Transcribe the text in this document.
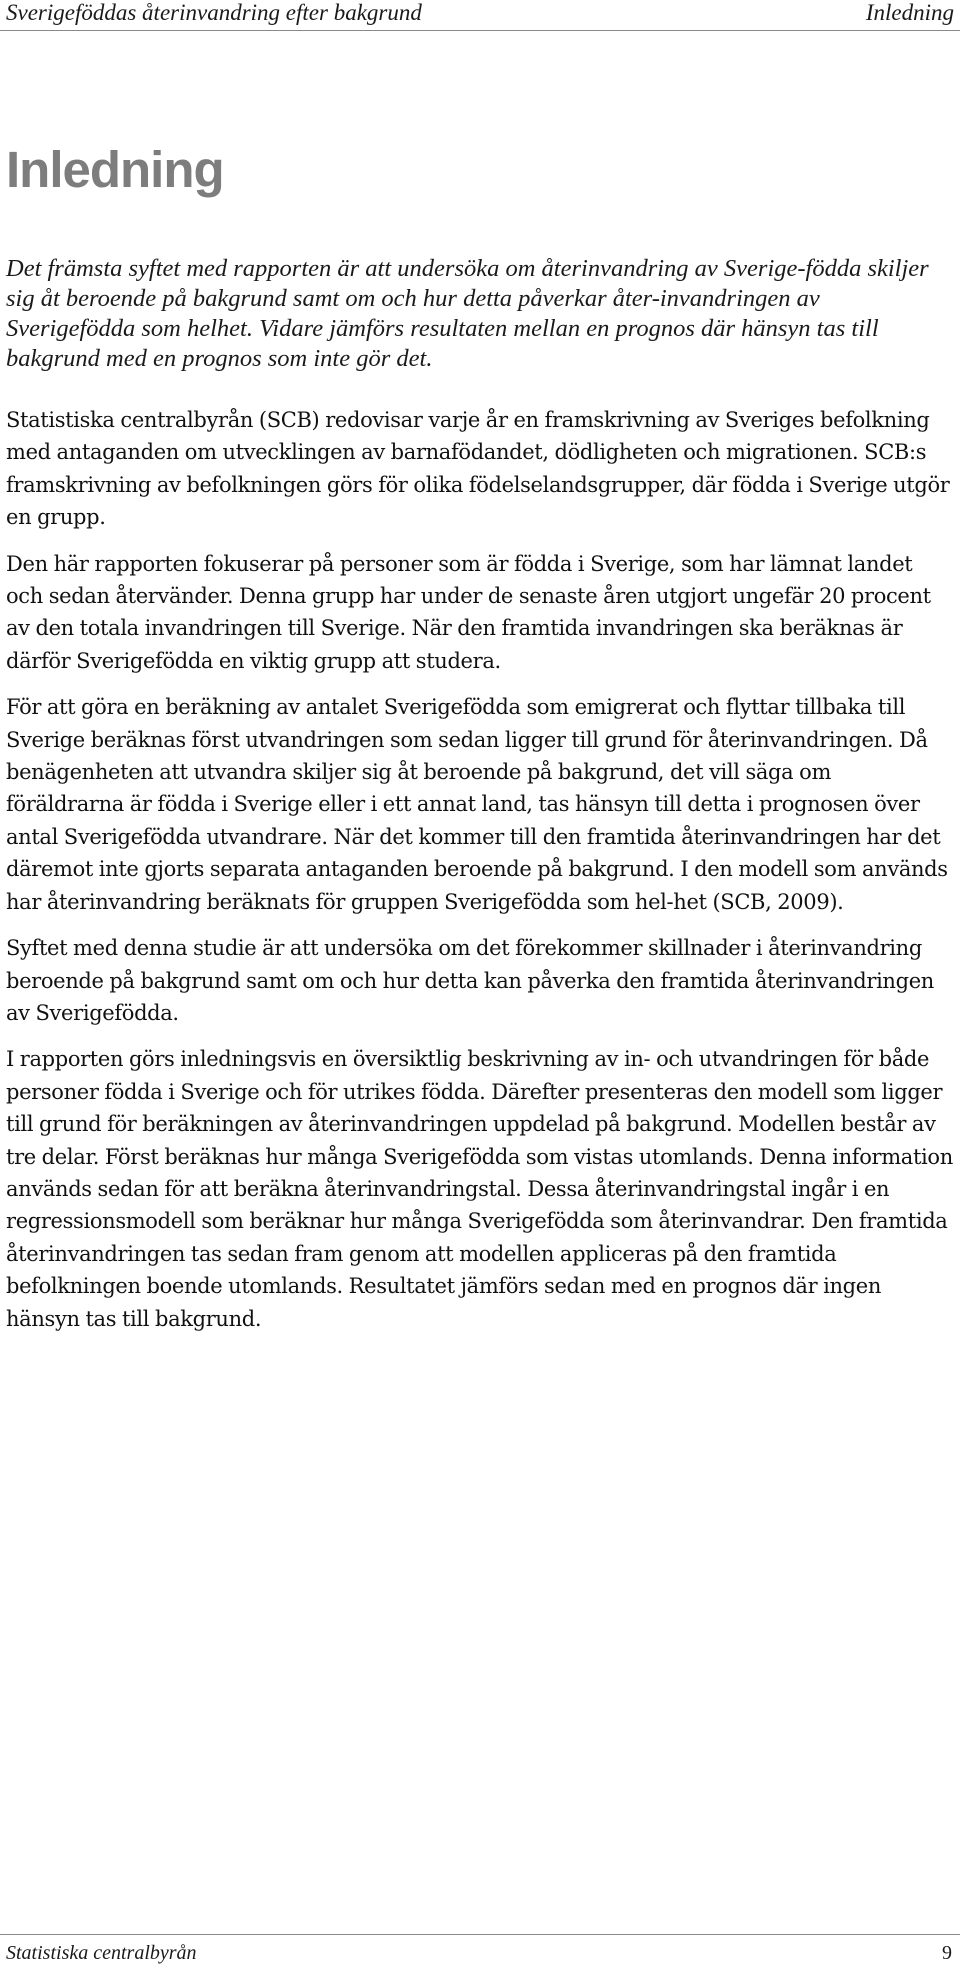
Sverigeföddas återinvandring efter bakgrund	Inledning
Inledning

Det främsta syftet med rapporten är att undersöka om återinvandring av Sverige-födda skiljer sig åt beroende på bakgrund samt om och hur detta påverkar åter-invandringen av Sverigefödda som helhet. Vidare jämförs resultaten mellan en prognos där hänsyn tas till bakgrund med en prognos som inte gör det.

Statistiska centralbyrån (SCB) redovisar varje år en framskrivning av Sveriges befolkning med antaganden om utvecklingen av barnafödandet, dödligheten och migrationen. SCB:s framskrivning av befolkningen görs för olika födelselandsgrupper, där födda i Sverige utgör en grupp.

Den här rapporten fokuserar på personer som är födda i Sverige, som har lämnat landet och sedan återvänder. Denna grupp har under de senaste åren utgjort ungefär 20 procent av den totala invandringen till Sverige. När den framtida invandringen ska beräknas är därför Sverigefödda en viktig grupp att studera.

För att göra en beräkning av antalet Sverigefödda som emigrerat och flyttar tillbaka till Sverige beräknas först utvandringen som sedan ligger till grund för återinvandringen. Då benägenheten att utvandra skiljer sig åt beroende på bakgrund, det vill säga om föräldrarna är födda i Sverige eller i ett annat land, tas hänsyn till detta i prognosen över antal Sverigefödda utvandrare. När det kommer till den framtida återinvandringen har det däremot inte gjorts separata antaganden beroende på bakgrund. I den modell som används har återinvandring beräknats för gruppen Sverigefödda som hel-het (SCB, 2009).

Syftet med denna studie är att undersöka om det förekommer skillnader i återinvandring beroende på bakgrund samt om och hur detta kan påverka den framtida återinvandringen av Sverigefödda.

I rapporten görs inledningsvis en översiktlig beskrivning av in- och utvandringen för både personer födda i Sverige och för utrikes födda. Därefter presenteras den modell som ligger till grund för beräkningen av återinvandringen uppdelad på bakgrund. Modellen består av tre delar. Först beräknas hur många Sverigefödda som vistas utomlands. Denna information används sedan för att beräkna återinvandringstal. Dessa återinvandringstal ingår i en regressionsmodell som beräknar hur många Sverigefödda som återinvandrar. Den framtida återinvandringen tas sedan fram genom att modellen appliceras på den framtida befolkningen boende utomlands. Resultatet jämförs sedan med en prognos där ingen hänsyn tas till bakgrund.

Statistiska centralbyrån	9
